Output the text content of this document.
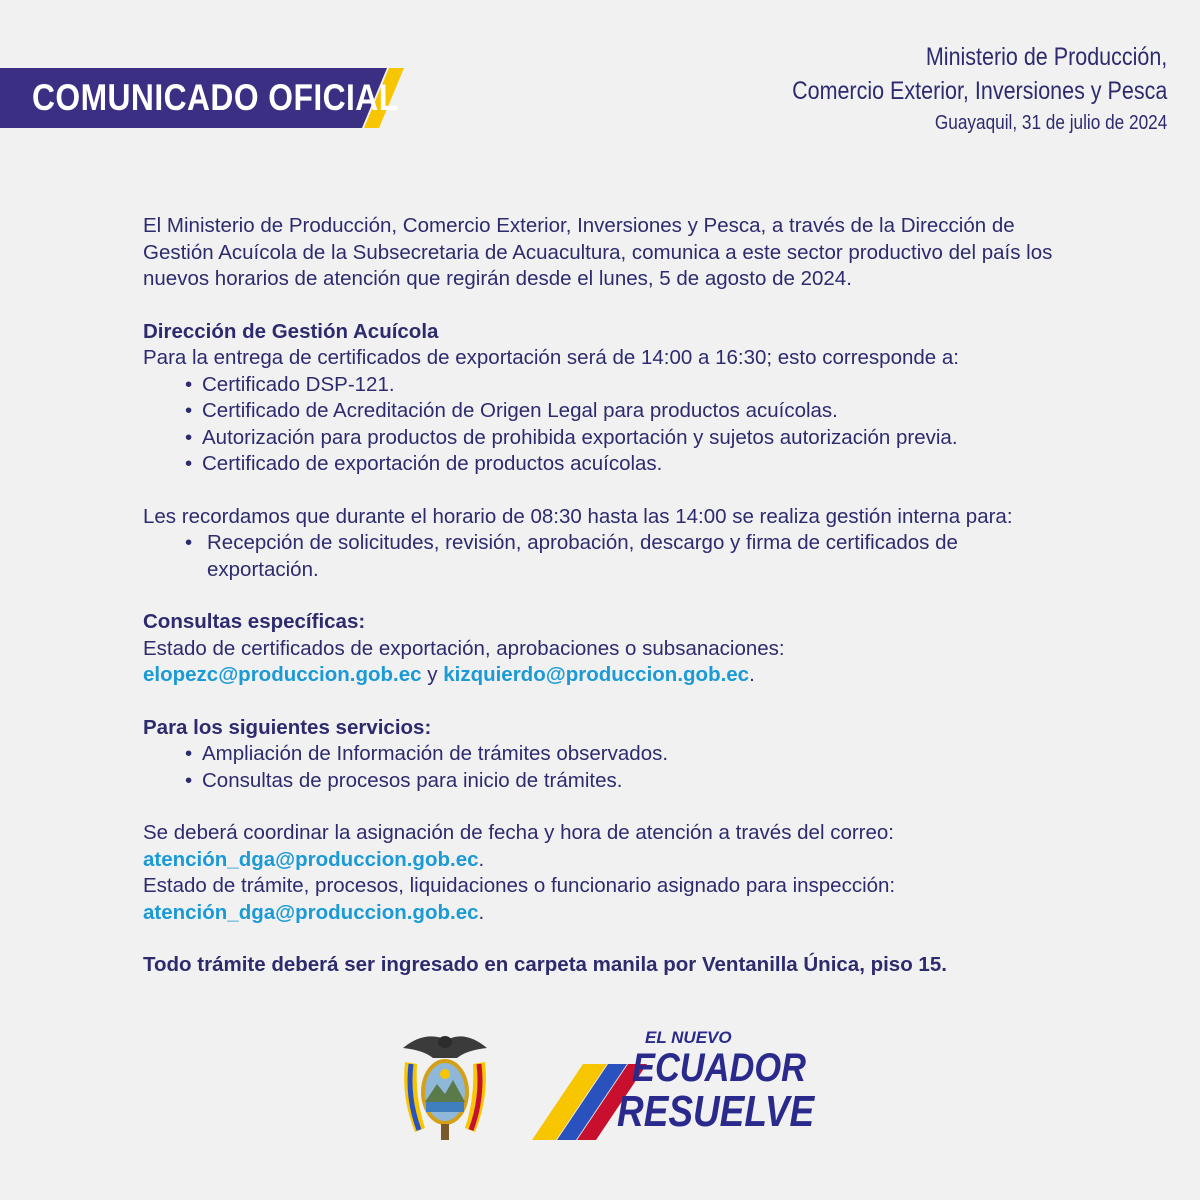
COMUNICADO OFICIAL
Ministerio de Producción,
Comercio Exterior, Inversiones y Pesca
Guayaquil, 31 de julio de 2024

El Ministerio de Producción, Comercio Exterior, Inversiones y Pesca, a través de la Dirección de Gestión Acuícola de la Subsecretaria de Acuacultura, comunica a este sector productivo del país los nuevos horarios de atención que regirán desde el lunes, 5 de agosto de 2024.

Dirección de Gestión Acuícola

Para la entrega de certificados de exportación será de 14:00 a 16:30; esto corresponde a:

• Certificado DSP-121.
• Certificado de Acreditación de Origen Legal para productos acuícolas.
• Autorización para productos de prohibida exportación y sujetos autorización previa.
• Certificado de exportación de productos acuícolas.

Les recordamos que durante el horario de 08:30 hasta las 14:00 se realiza gestión interna para:

• Recepción de solicitudes, revisión, aprobación, descargo y firma de certificados de exportación.

Consultas específicas:

Estado de certificados de exportación, aprobaciones o subsanaciones:

elopezc@produccion.gob.ec y kizquierdo@produccion.gob.ec.

Para los siguientes servicios:

• Ampliación de Información de trámites observados.
• Consultas de procesos para inicio de trámites.

Se deberá coordinar la asignación de fecha y hora de atención a través del correo:

atención_dga@produccion.gob.ec.

Estado de trámite, procesos, liquidaciones o funcionario asignado para inspección:

atención_dga@produccion.gob.ec.

Todo trámite deberá ser ingresado en carpeta manila por Ventanilla Única, piso 15.

EL NUEVO
ECUADOR
RESUELVE
